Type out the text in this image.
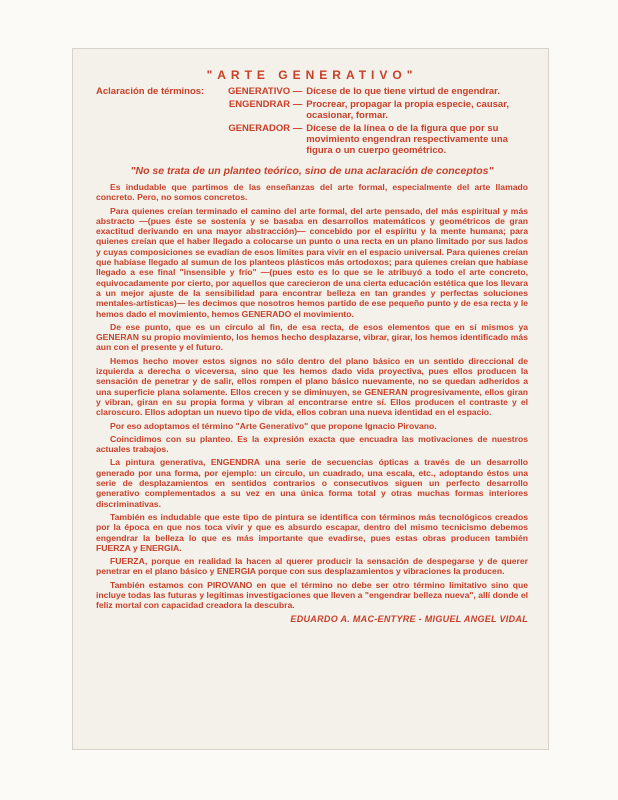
"ARTE GENERATIVO"
Aclaración de términos:	GENERATIVO —	Dícese de lo que tiene virtud de engendrar.
	ENGENDRAR —	Procrear, propagar la propia especie, causar, ocasionar, formar.
	GENERADOR —	Dícese de la línea o de la figura que por su movimiento engendran respectivamente una figura o un cuerpo geométrico.
"No se trata de un planteo teórico, sino de una aclaración de conceptos"

Es indudable que partimos de las enseñanzas del arte formal, especialmente del arte llamado concreto. Pero, no somos concretos.

Para quienes creían terminado el camino del arte formal, del arte pensado, del más espiritual y más abstracto —(pues éste se sostenía y se basaba en desarrollos matemáticos y geométricos de gran exactitud derivando en una mayor abstracción)— concebido por el espíritu y la mente humana; para quienes creían que el haber llegado a colocarse un punto o una recta en un plano limitado por sus lados y cuyas composiciones se evadían de esos límites para vivir en el espacio universal. Para quienes creían que habíase llegado al sumun de los planteos plásticos más ortodoxos; para quienes creían que habíase llegado a ese final "insensible y frío" —(pues esto es lo que se le atribuyó a todo el arte concreto, equivocadamente por cierto, por aquellos que carecieron de una cierta educación estética que los llevara a un mejor ajuste de la sensibilidad para encontrar belleza en tan grandes y perfectas soluciones mentales-artísticas)— les decimos que nosotros hemos partido de ese pequeño punto y de esa recta y le hemos dado el movimiento, hemos GENERADO el movimiento.

De ese punto, que es un círculo al fin, de esa recta, de esos elementos que en sí mismos ya GENERAN su propio movimiento, los hemos hecho desplazarse, vibrar, girar, los hemos identificado más aun con el presente y el futuro.

Hemos hecho mover estos signos no sólo dentro del plano básico en un sentido direccional de izquierda a derecha o viceversa, sino que les hemos dado vida proyectiva, pues ellos producen la sensación de penetrar y de salir, ellos rompen el plano básico nuevamente, no se quedan adheridos a una superficie plana solamente. Ellos crecen y se diminuyen, se GENERAN progresivamente, ellos giran y vibran, giran en su propia forma y vibran al encontrarse entre sí. Ellos producen el contraste y el claroscuro. Ellos adoptan un nuevo tipo de vida, ellos cobran una nueva identidad en el espacio.

Por eso adoptamos el término "Arte Generativo" que propone Ignacio Pirovano.

Coincidimos con su planteo. Es la expresión exacta que encuadra las motivaciones de nuestros actuales trabajos.

La pintura generativa, ENGENDRA una serie de secuencias ópticas a través de un desarrollo generado por una forma, por ejemplo: un círculo, un cuadrado, una escala, etc., adoptando éstos una serie de desplazamientos en sentidos contrarios o consecutivos siguen un perfecto desarrollo generativo complementados a su vez en una única forma total y otras muchas formas interiores discriminativas.

También es indudable que este tipo de pintura se identifica con términos más tecnológicos creados por la época en que nos toca vivir y que es absurdo escapar, dentro del mismo tecnicismo debemos engendrar la belleza lo que es más importante que evadirse, pues estas obras producen también FUERZA y ENERGIA.

FUERZA, porque en realidad la hacen al querer producir la sensación de despegarse y de querer penetrar en el plano básico y ENERGIA porque con sus desplazamientos y vibraciones la producen.

También estamos con PIROVANO en que el término no debe ser otro término limitativo sino que incluye todas las futuras y legítimas investigaciones que lleven a "engendrar belleza nueva", allí donde el feliz mortal con capacidad creadora la descubra.

EDUARDO A. MAC-ENTYRE - MIGUEL ANGEL VIDAL
